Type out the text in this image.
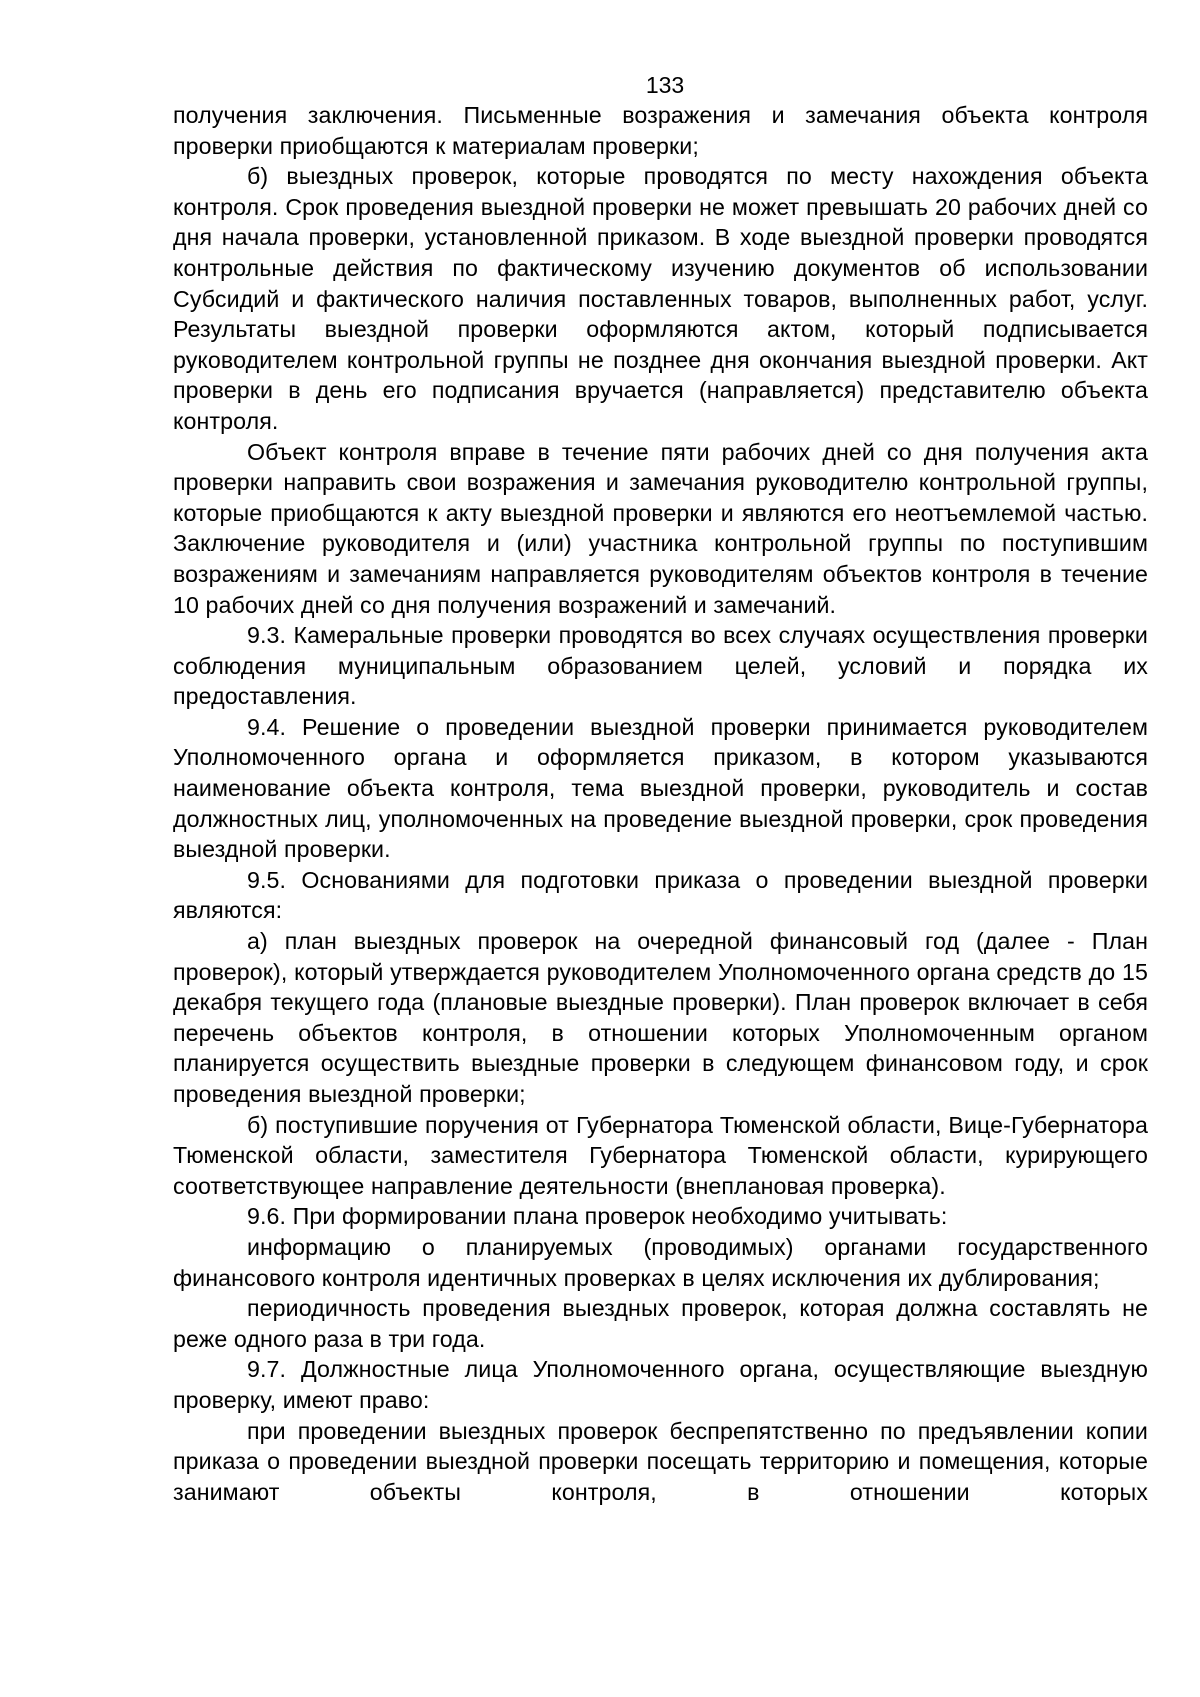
133

получения заключения. Письменные возражения и замечания объекта контроля проверки приобщаются к материалам проверки;

б) выездных проверок, которые проводятся по месту нахождения объекта контроля. Срок проведения выездной проверки не может превышать 20 рабочих дней со дня начала проверки, установленной приказом. В ходе выездной проверки проводятся контрольные действия по фактическому изучению документов об использовании Субсидий и фактического наличия поставленных товаров, выполненных работ, услуг. Результаты выездной проверки оформляются актом, который подписывается руководителем контрольной группы не позднее дня окончания выездной проверки. Акт проверки в день его подписания вручается (направляется) представителю объекта контроля.

Объект контроля вправе в течение пяти рабочих дней со дня получения акта проверки направить свои возражения и замечания руководителю контрольной группы, которые приобщаются к акту выездной проверки и являются его неотъемлемой частью. Заключение руководителя и (или) участника контрольной группы по поступившим возражениям и замечаниям направляется руководителям объектов контроля в течение 10 рабочих дней со дня получения возражений и замечаний.

9.3. Камеральные проверки проводятся во всех случаях осуществления проверки соблюдения муниципальным образованием целей, условий и порядка их предоставления.

9.4. Решение о проведении выездной проверки принимается руководителем Уполномоченного органа и оформляется приказом, в котором указываются наименование объекта контроля, тема выездной проверки, руководитель и состав должностных лиц, уполномоченных на проведение выездной проверки, срок проведения выездной проверки.

9.5. Основаниями для подготовки приказа о проведении выездной проверки являются:

а) план выездных проверок на очередной финансовый год (далее - План проверок), который утверждается руководителем Уполномоченного органа средств до 15 декабря текущего года (плановые выездные проверки). План проверок включает в себя перечень объектов контроля, в отношении которых Уполномоченным органом планируется осуществить выездные проверки в следующем финансовом году, и срок проведения выездной проверки;

б) поступившие поручения от Губернатора Тюменской области, Вице-Губернатора Тюменской области, заместителя Губернатора Тюменской области, курирующего соответствующее направление деятельности (внеплановая проверка).

9.6. При формировании плана проверок необходимо учитывать:

информацию о планируемых (проводимых) органами государственного финансового контроля идентичных проверках в целях исключения их дублирования;

периодичность проведения выездных проверок, которая должна составлять не реже одного раза в три года.

9.7. Должностные лица Уполномоченного органа, осуществляющие выездную проверку, имеют право:

при проведении выездных проверок беспрепятственно по предъявлении копии приказа о проведении выездной проверки посещать территорию и помещения, которые занимают объекты контроля, в отношении которых
